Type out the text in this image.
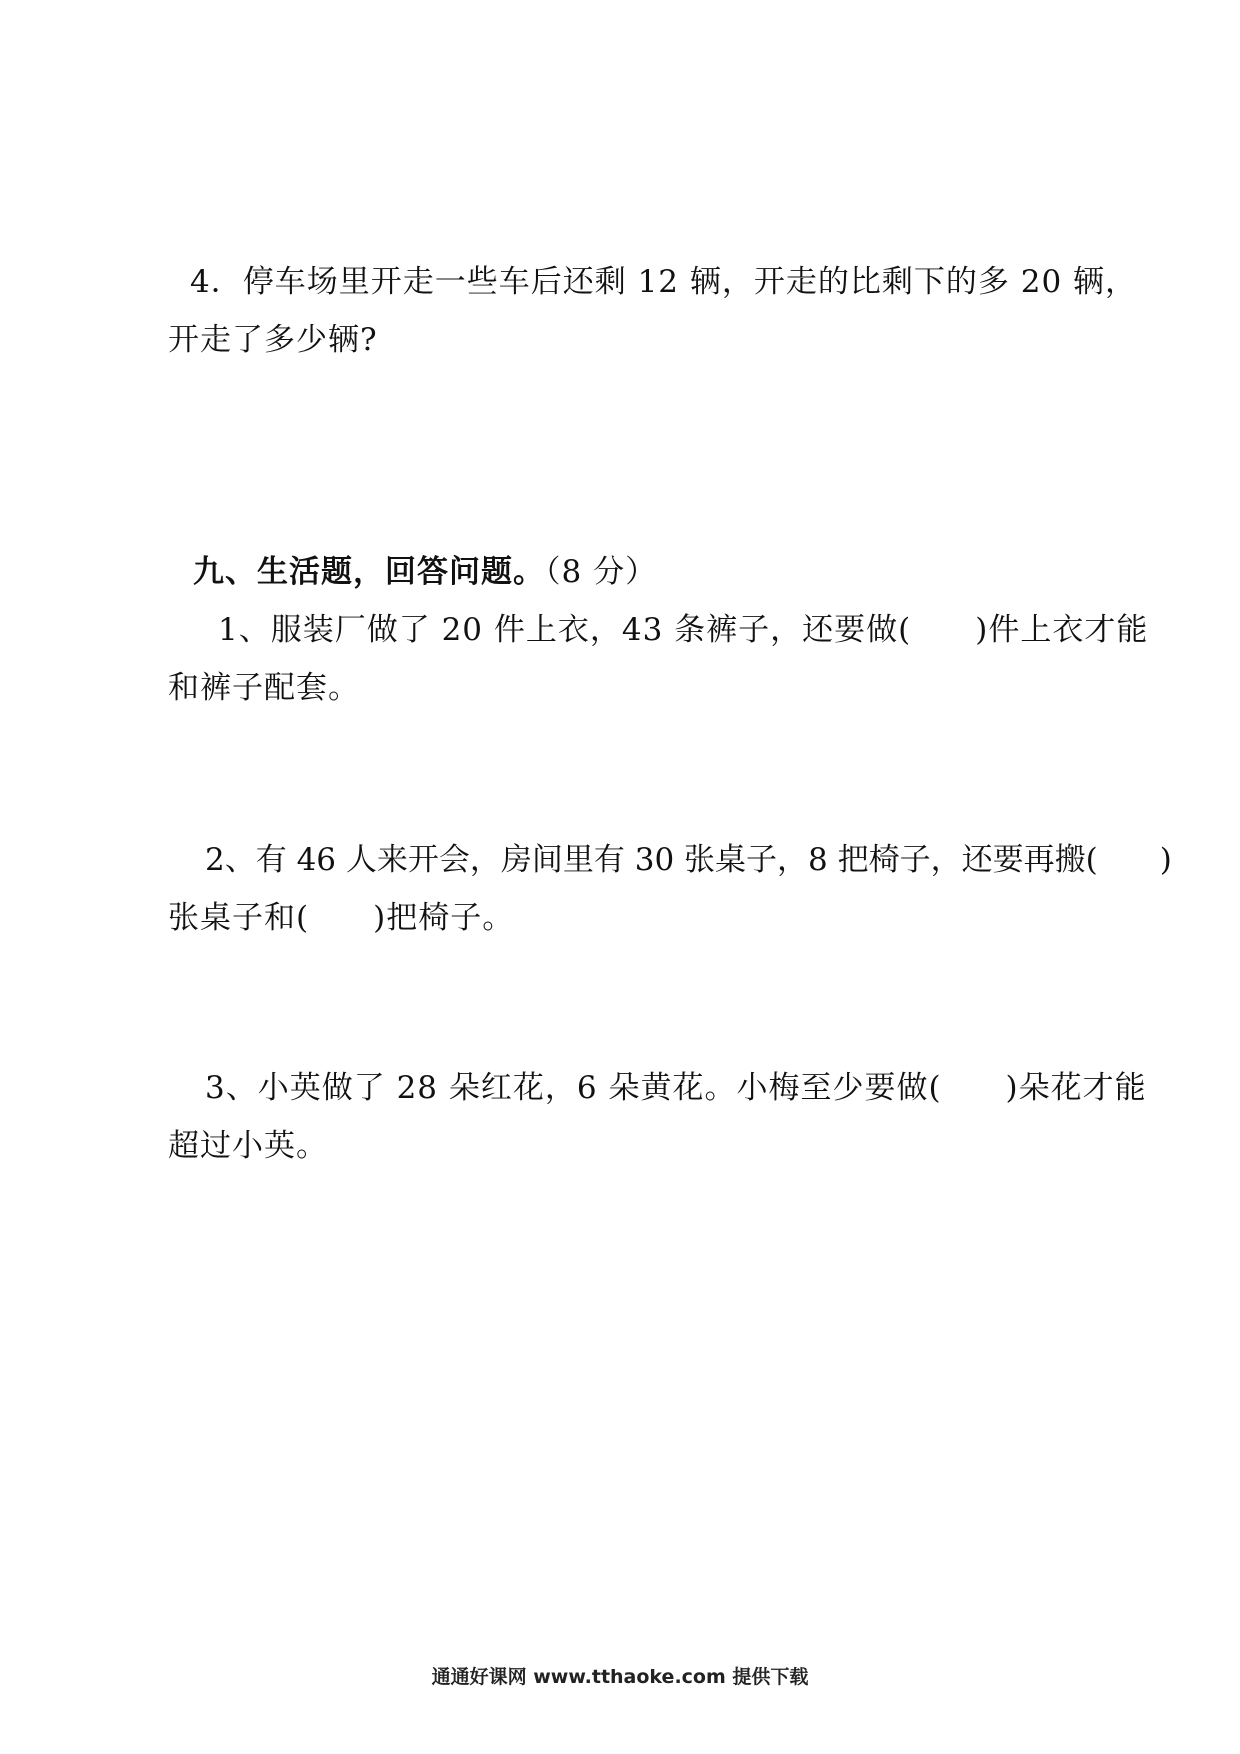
4．停车场里开走一些车后还剩 12 辆，开走的比剩下的多 20 辆，
开走了多少辆?
九、生活题，回答问题。（8 分）
1、服装厂做了 20 件上衣，43 条裤子，还要做(　　)件上衣才能
和裤子配套。
2、有 46 人来开会，房间里有 30 张桌子，8 把椅子，还要再搬(　　)
张桌子和(　　)把椅子。
3、小英做了 28 朵红花，6 朵黄花。小梅至少要做(　　)朵花才能
超过小英。
通通好课网 www.tthaoke.com 提供下载
